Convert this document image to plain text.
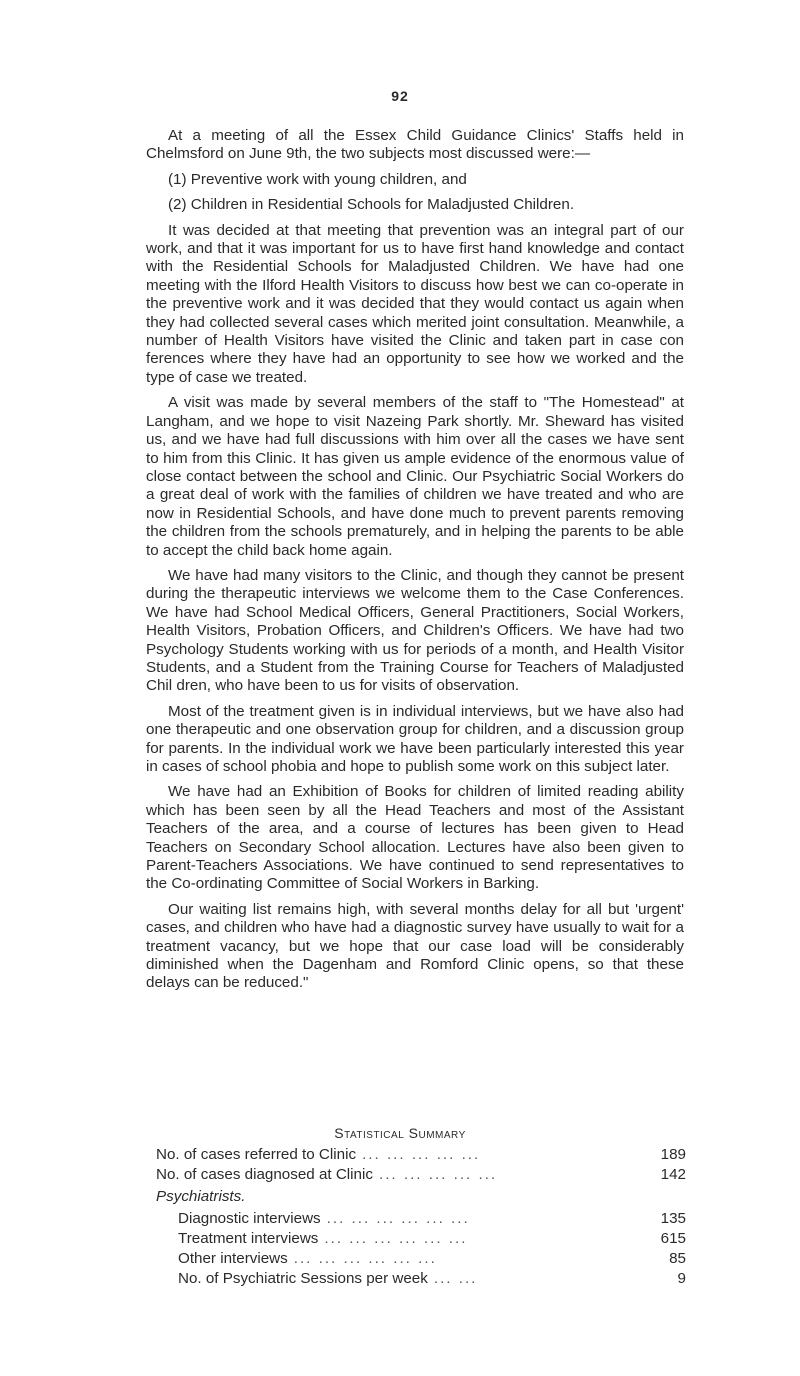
92

At a meeting of all the Essex Child Guidance Clinics' Staffs held in Chelmsford on June 9th, the two subjects most discussed were:—

(1) Preventive work with young children, and

(2) Children in Residential Schools for Maladjusted Children.

It was decided at that meeting that prevention was an integral part of our work, and that it was important for us to have first hand knowledge and contact with the Residential Schools for Maladjusted Children. We have had one meeting with the Ilford Health Visitors to discuss how best we can co-operate in the preventive work and it was decided that they would contact us again when they had collected several cases which merited joint consultation. Meanwhile, a number of Health Visitors have visited the Clinic and taken part in case con ferences where they have had an opportunity to see how we worked and the type of case we treated.

A visit was made by several members of the staff to "The Homestead" at Langham, and we hope to visit Nazeing Park shortly. Mr. Sheward has visited us, and we have had full discussions with him over all the cases we have sent to him from this Clinic. It has given us ample evidence of the enormous value of close contact between the school and Clinic. Our Psychiatric Social Workers do a great deal of work with the families of children we have treated and who are now in Residential Schools, and have done much to prevent parents removing the children from the schools prematurely, and in helping the parents to be able to accept the child back home again.

We have had many visitors to the Clinic, and though they cannot be present during the therapeutic interviews we welcome them to the Case Conferences. We have had School Medical Officers, General Practitioners, Social Workers, Health Visitors, Probation Officers, and Children's Officers. We have had two Psychology Students working with us for periods of a month, and Health Visitor Students, and a Student from the Training Course for Teachers of Maladjusted Chil dren, who have been to us for visits of observation.

Most of the treatment given is in individual interviews, but we have also had one therapeutic and one observation group for children, and a discussion group for parents. In the individual work we have been particularly interested this year in cases of school phobia and hope to publish some work on this subject later.

We have had an Exhibition of Books for children of limited reading ability which has been seen by all the Head Teachers and most of the Assistant Teachers of the area, and a course of lectures has been given to Head Teachers on Secondary School allocation. Lectures have also been given to Parent-Teachers Associations. We have continued to send representatives to the Co-ordinating Committee of Social Workers in Barking.

Our waiting list remains high, with several months delay for all but 'urgent' cases, and children who have had a diagnostic survey have usually to wait for a treatment vacancy, but we hope that our case load will be considerably diminished when the Dagenham and Romford Clinic opens, so that these delays can be reduced."

Statistical Summary
No. of cases referred to Clinic ... ... ... ... ...	189
No. of cases diagnosed at Clinic ... ... ... ... ...	142
Psychiatrists.
Diagnostic interviews ... ... ... ... ... ...	135
Treatment interviews ... ... ... ... ... ...	615
Other interviews ... ... ... ... ... ...	85
No. of Psychiatric Sessions per week ... ...	9
